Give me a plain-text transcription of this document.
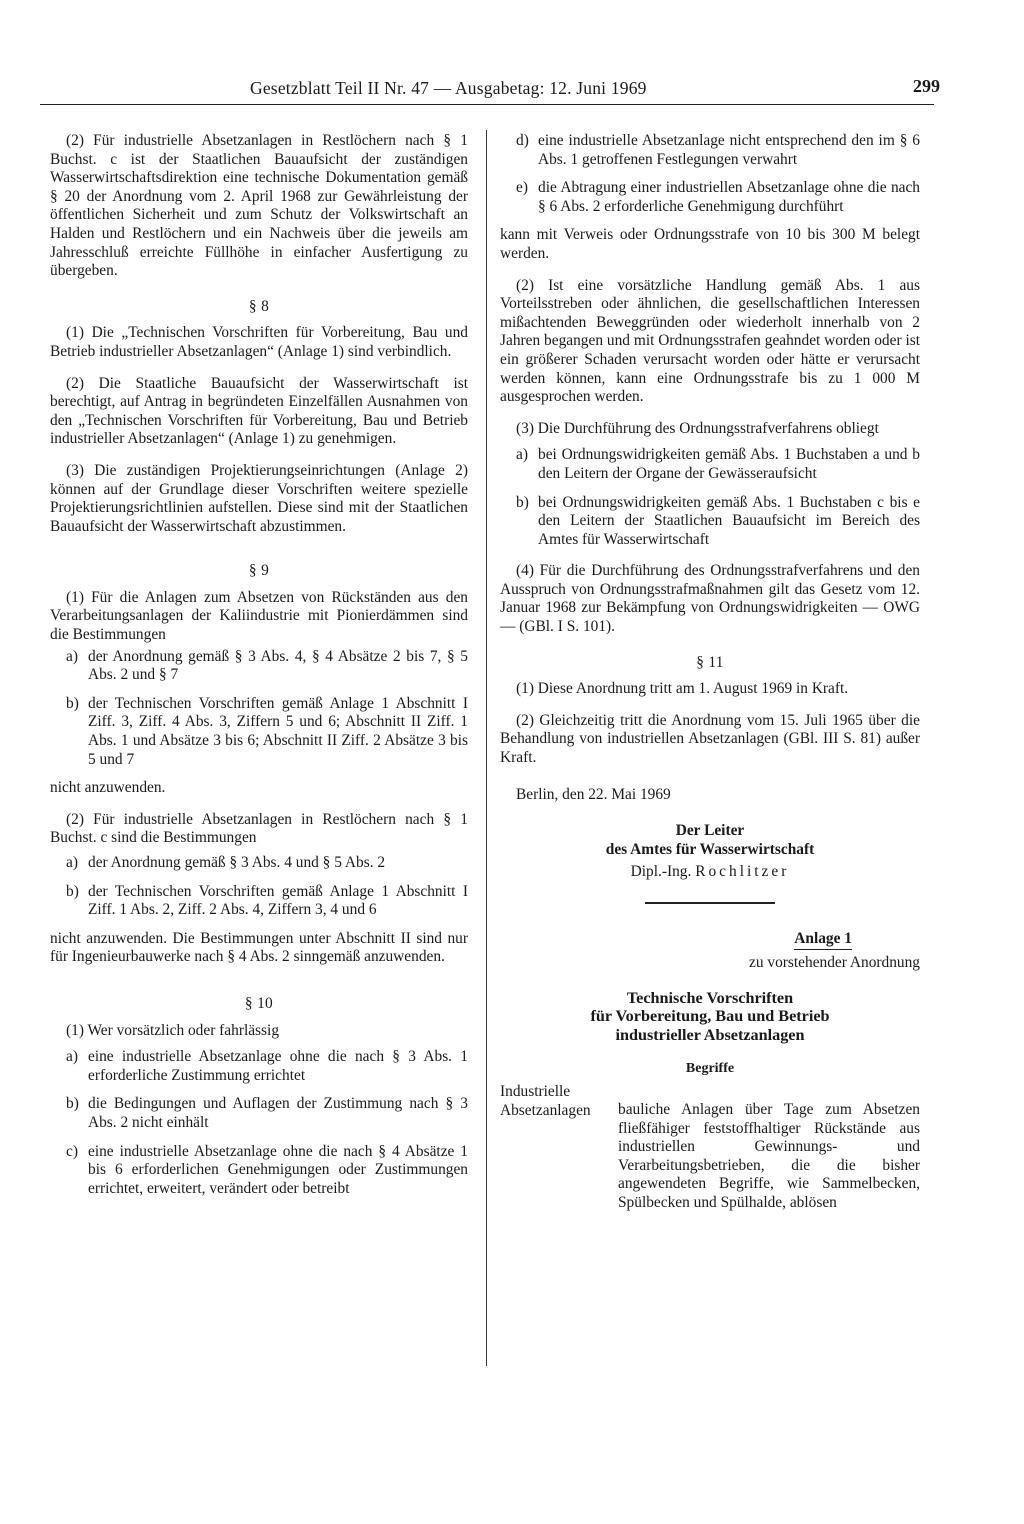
Gesetzblatt Teil II Nr. 47 — Ausgabetag: 12. Juni 1969	299

(2) Für industrielle Absetzanlagen in Restlöchern nach § 1 Buchst. c ist der Staatlichen Bauaufsicht der zuständigen Wasserwirtschaftsdirektion eine technische Dokumentation gemäß § 20 der Anordnung vom 2. April 1968 zur Gewährleistung der öffentlichen Sicherheit und zum Schutz der Volkswirtschaft an Halden und Restlöchern und ein Nachweis über die jeweils am Jahresschluß erreichte Füllhöhe in einfacher Ausfertigung zu übergeben.

§ 8

(1) Die „Technischen Vorschriften für Vorbereitung, Bau und Betrieb industrieller Absetzanlagen“ (Anlage 1) sind verbindlich.

(2) Die Staatliche Bauaufsicht der Wasserwirtschaft ist berechtigt, auf Antrag in begründeten Einzelfällen Ausnahmen von den „Technischen Vorschriften für Vorbereitung, Bau und Betrieb industrieller Absetzanlagen“ (Anlage 1) zu genehmigen.

(3) Die zuständigen Projektierungseinrichtungen (Anlage 2) können auf der Grundlage dieser Vorschriften weitere spezielle Projektierungsrichtlinien aufstellen. Diese sind mit der Staatlichen Bauaufsicht der Wasserwirtschaft abzustimmen.

§ 9

(1) Für die Anlagen zum Absetzen von Rückständen aus den Verarbeitungsanlagen der Kaliindustrie mit Pionierdämmen sind die Bestimmungen

a) der Anordnung gemäß § 3 Abs. 4, § 4 Absätze 2 bis 7, § 5 Abs. 2 und § 7

b) der Technischen Vorschriften gemäß Anlage 1 Abschnitt I Ziff. 3, Ziff. 4 Abs. 3, Ziffern 5 und 6; Abschnitt II Ziff. 1 Abs. 1 und Absätze 3 bis 6; Abschnitt II Ziff. 2 Absätze 3 bis 5 und 7

nicht anzuwenden.

(2) Für industrielle Absetzanlagen in Restlöchern nach § 1 Buchst. c sind die Bestimmungen

a) der Anordnung gemäß § 3 Abs. 4 und § 5 Abs. 2

b) der Technischen Vorschriften gemäß Anlage 1 Abschnitt I Ziff. 1 Abs. 2, Ziff. 2 Abs. 4, Ziffern 3, 4 und 6

nicht anzuwenden. Die Bestimmungen unter Abschnitt II sind nur für Ingenieurbauwerke nach § 4 Abs. 2 sinngemäß anzuwenden.

§ 10

(1) Wer vorsätzlich oder fahrlässig

a) eine industrielle Absetzanlage ohne die nach § 3 Abs. 1 erforderliche Zustimmung errichtet

b) die Bedingungen und Auflagen der Zustimmung nach § 3 Abs. 2 nicht einhält

c) eine industrielle Absetzanlage ohne die nach § 4 Absätze 1 bis 6 erforderlichen Genehmigungen oder Zustimmungen errichtet, erweitert, verändert oder betreibt

d) eine industrielle Absetzanlage nicht entsprechend den im § 6 Abs. 1 getroffenen Festlegungen verwahrt

e) die Abtragung einer industriellen Absetzanlage ohne die nach § 6 Abs. 2 erforderliche Genehmigung durchführt

kann mit Verweis oder Ordnungsstrafe von 10 bis 300 M belegt werden.

(2) Ist eine vorsätzliche Handlung gemäß Abs. 1 aus Vorteilsstreben oder ähnlichen, die gesellschaftlichen Interessen mißachtenden Beweggründen oder wiederholt innerhalb von 2 Jahren begangen und mit Ordnungsstrafen geahndet worden oder ist ein größerer Schaden verursacht worden oder hätte er verursacht werden können, kann eine Ordnungsstrafe bis zu 1 000 M ausgesprochen werden.

(3) Die Durchführung des Ordnungsstrafverfahrens obliegt

a) bei Ordnungswidrigkeiten gemäß Abs. 1 Buchstaben a und b den Leitern der Organe der Gewässeraufsicht

b) bei Ordnungswidrigkeiten gemäß Abs. 1 Buchstaben c bis e den Leitern der Staatlichen Bauaufsicht im Bereich des Amtes für Wasserwirtschaft

(4) Für die Durchführung des Ordnungsstrafverfahrens und den Ausspruch von Ordnungsstrafmaßnahmen gilt das Gesetz vom 12. Januar 1968 zur Bekämpfung von Ordnungswidrigkeiten — OWG — (GBl. I S. 101).

§ 11

(1) Diese Anordnung tritt am 1. August 1969 in Kraft.

(2) Gleichzeitig tritt die Anordnung vom 15. Juli 1965 über die Behandlung von industriellen Absetzanlagen (GBl. III S. 81) außer Kraft.

Berlin, den 22. Mai 1969

Der Leiter
des Amtes für Wasserwirtschaft
Dipl.-Ing. Rochlitzer
Anlage 1
zu vorstehender Anordnung
Technische Vorschriften
für Vorbereitung, Bau und Betrieb
industrieller Absetzanlagen
Begriffe
Industrielle
Absetzanlagen	bauliche Anlagen über Tage zum Absetzen fließfähiger feststoffhaltiger Rückstände aus industriellen Gewinnungs- und Verarbeitungsbetrieben, die die bisher angewendeten Begriffe, wie Sammelbecken, Spülbecken und Spülhalde, ablösen
